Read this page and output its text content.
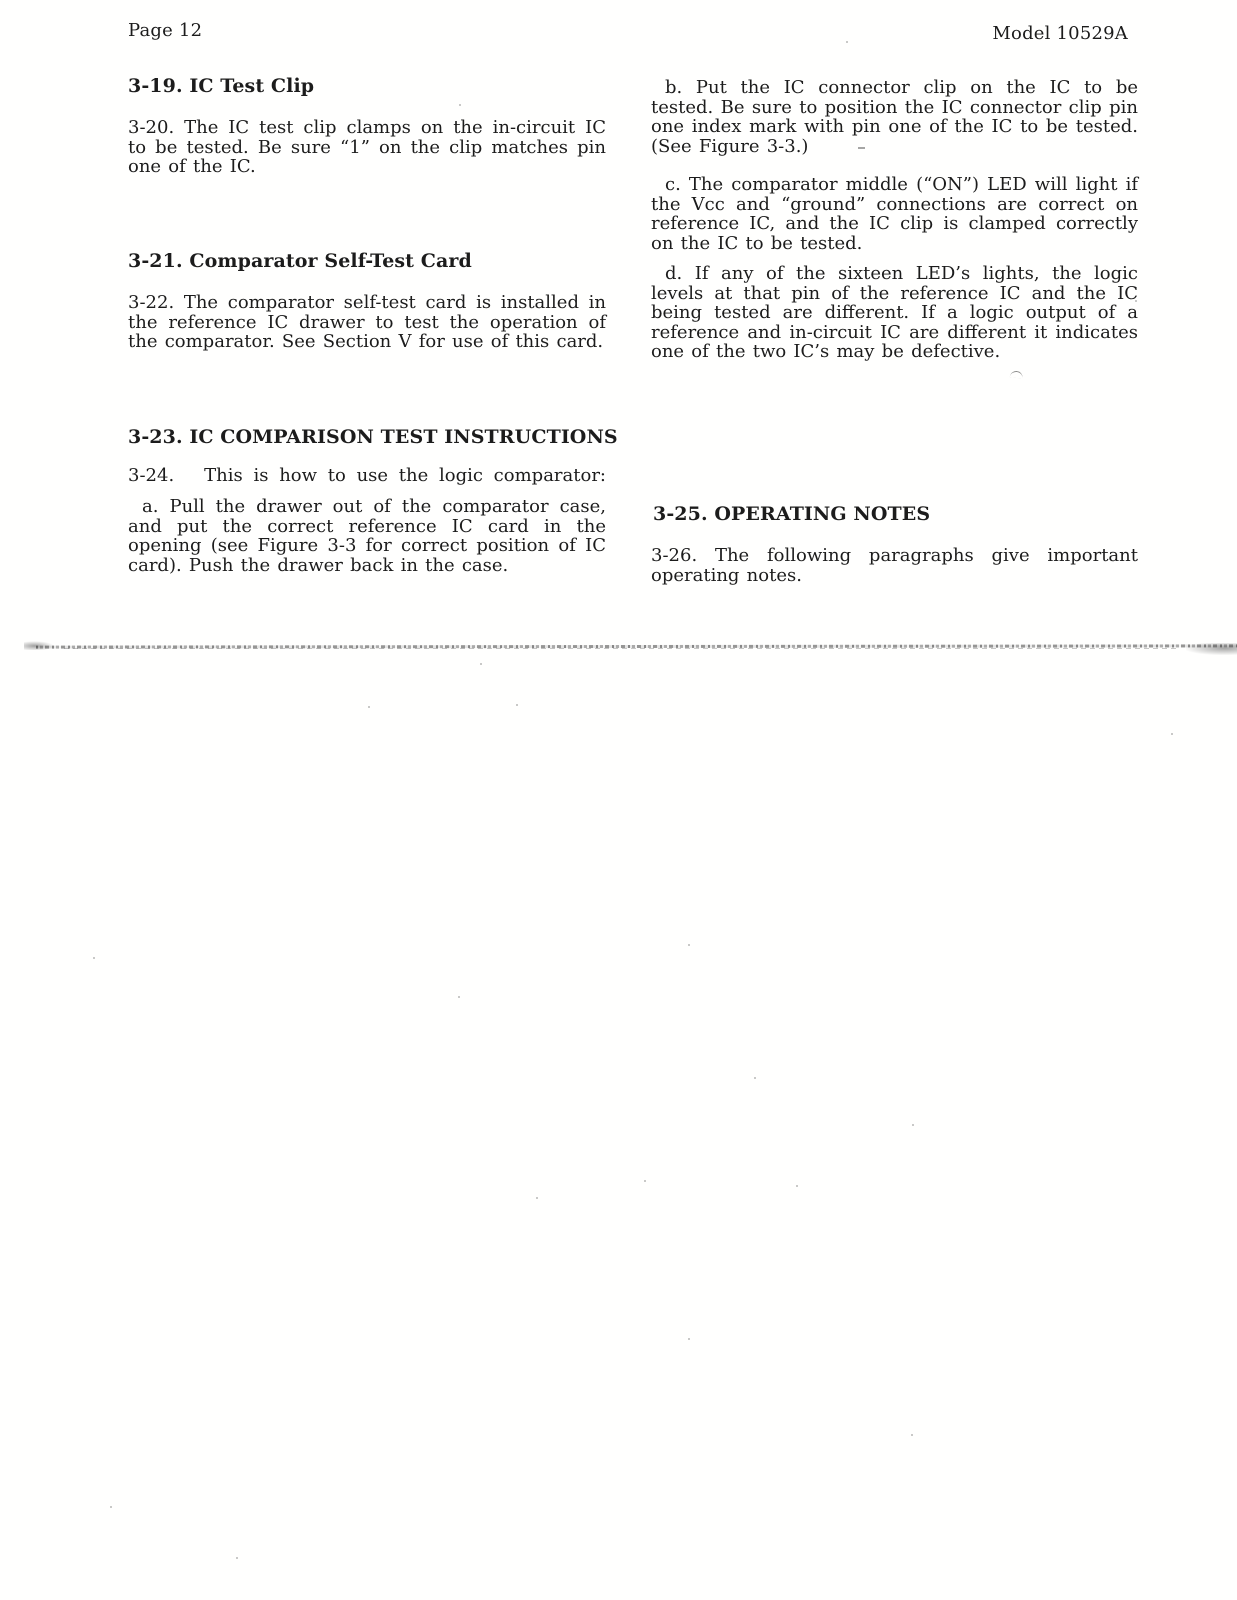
Page 12	Model 10529A
3-19. IC Test Clip
3-20. The IC test clip clamps on the in-circuit IC to be tested. Be sure “1” on the clip matches pin one of the IC.
3-21. Comparator Self-Test Card
3-22. The comparator self-test card is installed in the reference IC drawer to test the operation of the comparator. See Section V for use of this card.
3-23. IC COMPARISON TEST INSTRUCTIONS
3-24. This is how to use the logic comparator:
a. Pull the drawer out of the comparator case, and put the correct reference IC card in the opening (see Figure 3-3 for correct position of IC card). Push the drawer back in the case.
b. Put the IC connector clip on the IC to be tested. Be sure to position the IC connector clip pin one index mark with pin one of the IC to be tested. (See Figure 3-3.)
c. The comparator middle (“ON”) LED will light if the Vcc and “ground” connections are correct on reference IC, and the IC clip is clamped correctly on the IC to be tested.
d. If any of the sixteen LED’s lights, the logic levels at that pin of the reference IC and the IC being tested are different. If a logic output of a reference and in-circuit IC are different it indicates one of the two IC’s may be defective.
3-25. OPERATING NOTES
3-26. The following paragraphs give important operating notes.
